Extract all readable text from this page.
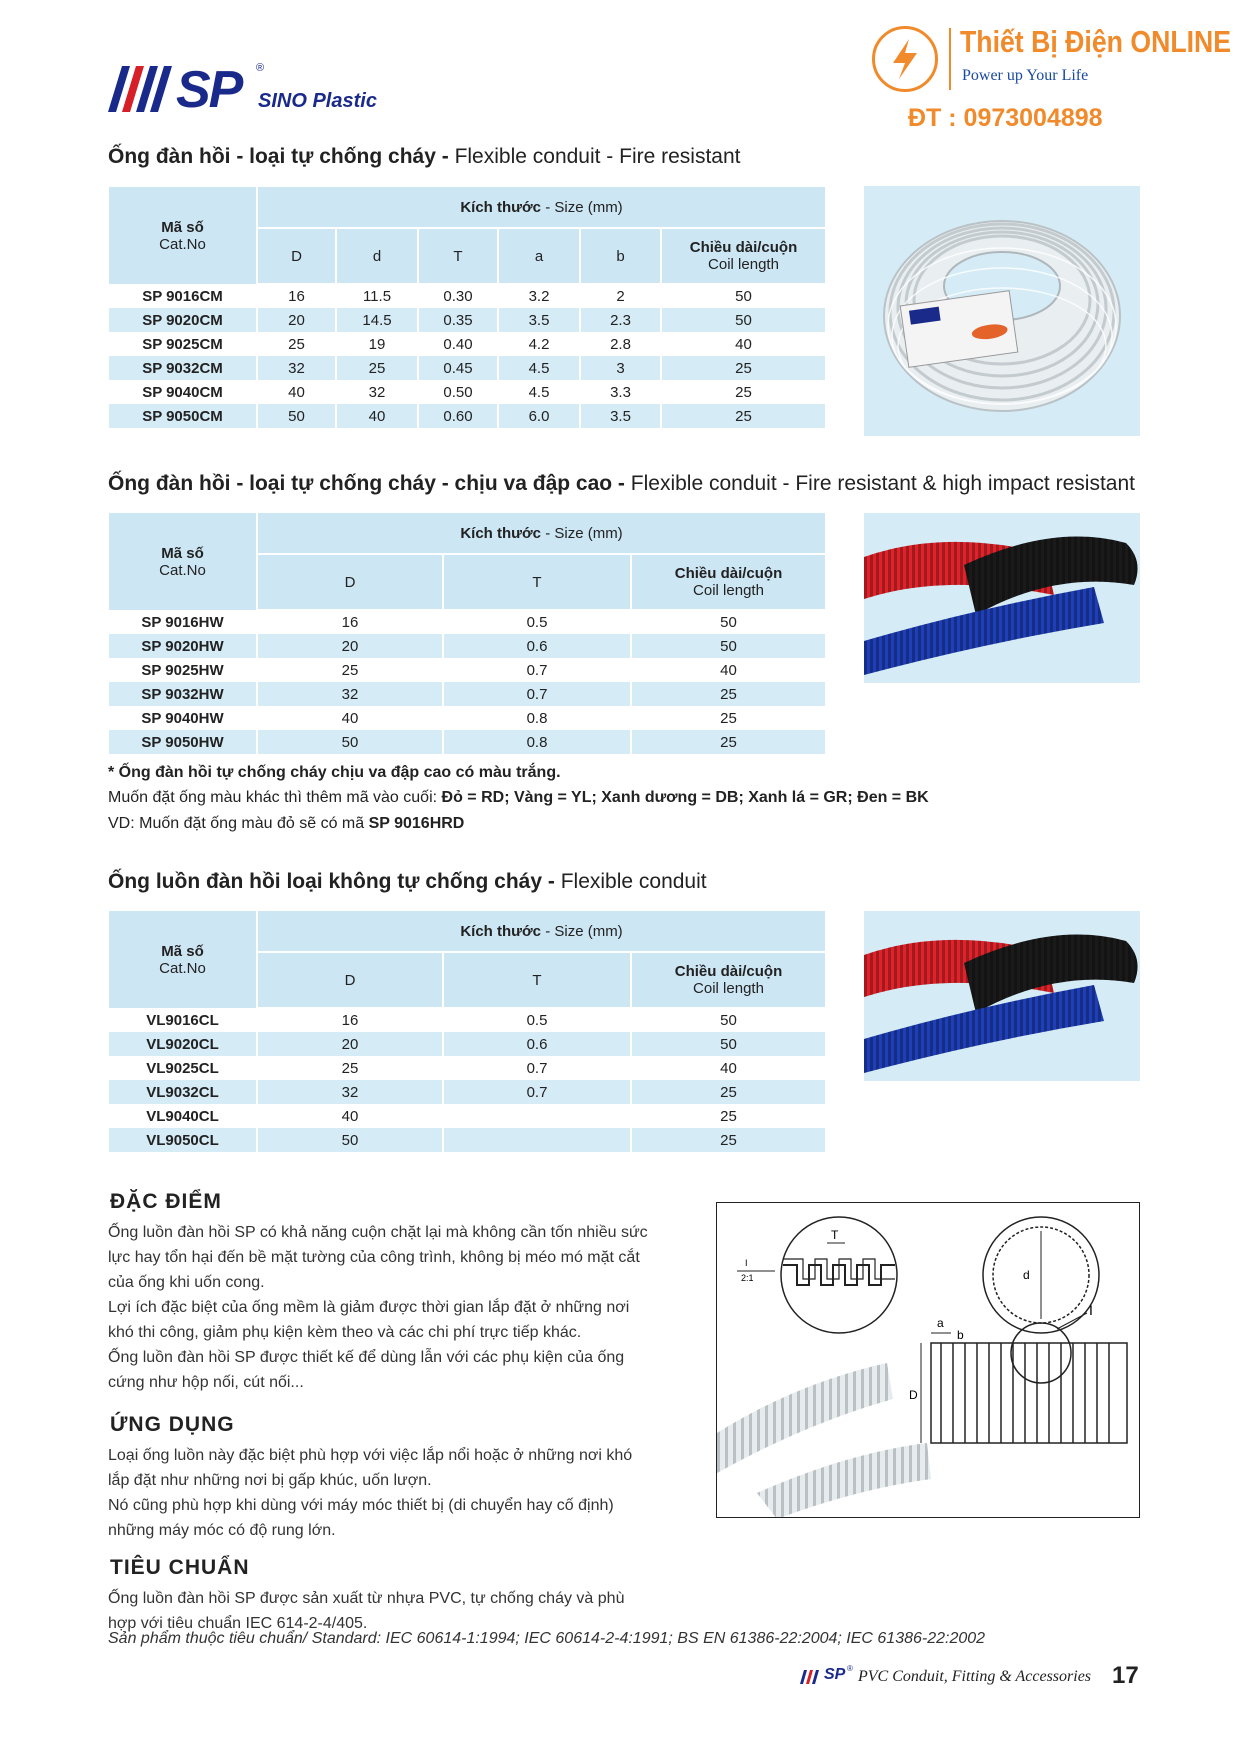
SP ®
SINO Plastic
Thiết Bị Điện ONLINE
Power up Your Life
ĐT : 0973004898
Ống đàn hồi - loại tự chống cháy - Flexible conduit - Fire resistant
Mã số
Cat.No	Kích thước - Size (mm)					
	D	d	T	a	b	Chiều dài/cuộn
Coil length

SP 9016CM	16	11.5	0.30	3.2	2	50
SP 9020CM	20	14.5	0.35	3.5	2.3	50
SP 9025CM	25	19	0.40	4.2	2.8	40
SP 9032CM	32	25	0.45	4.5	3	25
SP 9040CM	40	32	0.50	4.5	3.3	25
SP 9050CM	50	40	0.60	6.0	3.5	25
Ống đàn hồi - loại tự chống cháy - chịu va đập cao - Flexible conduit - Fire resistant & high impact resistant
Mã số
Cat.No	Kích thước - Size (mm)		
	D	T	Chiều dài/cuộn
Coil length

SP 9016HW	16	0.5	50
SP 9020HW	20	0.6	50
SP 9025HW	25	0.7	40
SP 9032HW	32	0.7	25
SP 9040HW	40	0.8	25
SP 9050HW	50	0.8	25
* Ống đàn hồi tự chống cháy chịu va đập cao có màu trắng.
Muốn đặt ống màu khác thì thêm mã vào cuối: Đỏ = RD; Vàng = YL; Xanh dương = DB; Xanh lá = GR; Đen = BK
VD: Muốn đặt ống màu đỏ sẽ có mã SP 9016HRD
Ống luồn đàn hồi loại không tự chống cháy - Flexible conduit
Mã số
Cat.No	Kích thước - Size (mm)		
	D	T	Chiều dài/cuộn
Coil length

VL9016CL	16	0.5	50
VL9020CL	20	0.6	50
VL9025CL	25	0.7	40
VL9032CL	32	0.7	25
VL9040CL	40		25
VL9050CL	50		25
ĐẶC ĐIỂM

Ống luồn đàn hồi SP có khả năng cuộn chặt lại mà không cần tốn nhiều sức lực hay tổn hại đến bề mặt tường của công trình, không bị méo mó mặt cắt của ống khi uốn cong.

Lợi ích đặc biệt của ống mềm là giảm được thời gian lắp đặt ở những nơi khó thi công, giảm phụ kiện kèm theo và các chi phí trực tiếp khác.

Ống luồn đàn hồi SP được thiết kế để dùng lẫn với các phụ kiện của ống cứng như hộp nối, cút nối...

ỨNG DỤNG

Loại ống luồn này đặc biệt phù hợp với việc lắp nổi hoặc ở những nơi khó lắp đặt như những nơi bị gấp khúc, uốn lượn.

Nó cũng phù hợp khi dùng với máy móc thiết bị (di chuyển hay cố định) những máy móc có độ rung lớn.

TIÊU CHUẨN

Ống luồn đàn hồi SP được sản xuất từ nhựa PVC, tự chống cháy và phù hợp với tiêu chuẩn IEC 614-2-4/405.

T
I
2:1	d
a
b
I
D
Sản phẩm thuộc tiêu chuẩn/ Standard: IEC 60614-1:1994; IEC 60614-2-4:1991; BS EN 61386-22:2004; IEC 61386-22:2002
SP ® PVC Conduit, Fitting & Accessories 17
